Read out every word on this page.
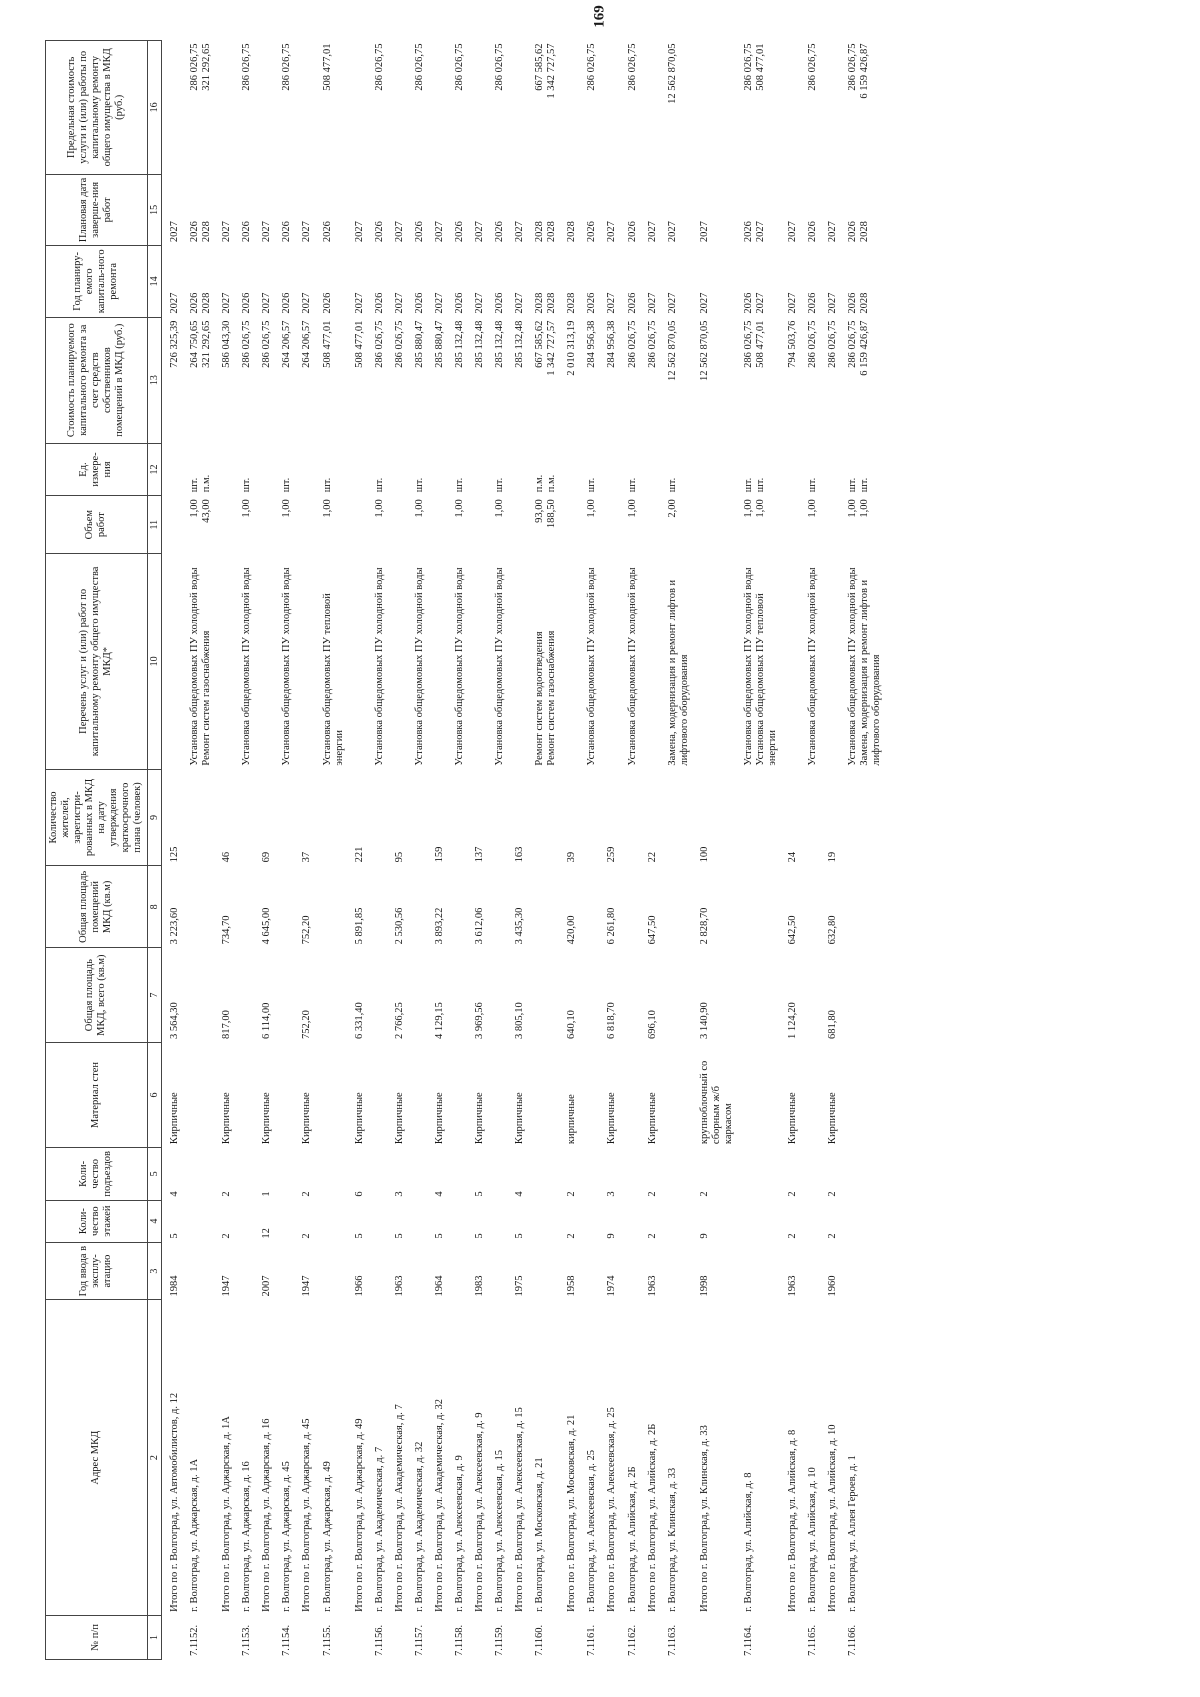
169
№ п/п	Адрес МКД	Год ввода в эксплу-атацию	Коли-чество этажей	Коли-чество подъездов	Материал стен	Общая площадь МКД, всего (кв.м)	Общая площадь помещений МКД (кв.м)	Количество жителей, зарегистри-рованных в МКД на дату утверждения краткосрочного плана (человек)	Перечень услуг и (или) работ по капитальному ремонту общего имущества МКД*	Объем работ	Ед. измере-ния	Стоимость планируемого капитального ремонта за счет средств собственников помещений в МКД (руб.)	Год планиру-емого капиталь-ного ремонта	Плановая дата заверше-ния работ	Предельная стоимость услуги и (или) работы по капитальному ремонту общего имущества в МКД (руб.)
1	2	3	4	5	6	7	8	9	10	11	12	13	14	15	16
	Итого по г. Волгоград, ул. Автомобилистов, д. 12	1984	5	4	Кирпичные	3 564,30	3 223,60	125				726 325,39	2027	2027	

7.1152.	г. Волгоград, ул. Аджарская, д. 1А								Установка общедомовых ПУ холодной воды Ремонт систем газоснабжения	1,00 43,00	шт. п.м.	264 750,65 321 292,65	2026 2028	2026 2028	286 026,75 321 292,65

	Итого по г. Волгоград, ул. Аджарская, д. 1А	1947	2	2	Кирпичные	817,00	734,70	46				586 043,30	2027	2027	

7.1153.	г. Волгоград, ул. Аджарская, д. 16								Установка общедомовых ПУ холодной воды	1,00	шт.	286 026,75	2026	2026	286 026,75

	Итого по г. Волгоград, ул. Аджарская, д. 16	2007	12	1	Кирпичные	6 114,00	4 645,00	69				286 026,75	2027	2027	

7.1154.	г. Волгоград, ул. Аджарская, д. 45								Установка общедомовых ПУ холодной воды	1,00	шт.	264 206,57	2026	2026	286 026,75

	Итого по г. Волгоград, ул. Аджарская, д. 45	1947	2	2	Кирпичные	752,20	752,20	37				264 206,57	2027	2027	

7.1155.	г. Волгоград, ул. Аджарская, д. 49								Установка общедомовых ПУ тепловой энергии	1,00	шт.	508 477,01	2026	2026	508 477,01

	Итого по г. Волгоград, ул. Аджарская, д. 49	1966	5	6	Кирпичные	6 331,40	5 891,85	221				508 477,01	2027	2027	

7.1156.	г. Волгоград, ул. Академическая, д. 7								Установка общедомовых ПУ холодной воды	1,00	шт.	286 026,75	2026	2026	286 026,75

	Итого по г. Волгоград, ул. Академическая, д. 7	1963	5	3	Кирпичные	2 766,25	2 530,56	95				286 026,75	2027	2027	

7.1157.	г. Волгоград, ул. Академическая, д. 32								Установка общедомовых ПУ холодной воды	1,00	шт.	285 880,47	2026	2026	286 026,75

	Итого по г. Волгоград, ул. Академическая, д. 32	1964	5	4	Кирпичные	4 129,15	3 893,22	159				285 880,47	2027	2027	

7.1158.	г. Волгоград, ул. Алексеевская, д. 9								Установка общедомовых ПУ холодной воды	1,00	шт.	285 132,48	2026	2026	286 026,75

	Итого по г. Волгоград, ул. Алексеевская, д. 9	1983	5	5	Кирпичные	3 969,56	3 612,06	137				285 132,48	2027	2027	

7.1159.	г. Волгоград, ул. Алексеевская, д. 15								Установка общедомовых ПУ холодной воды	1,00	шт.	285 132,48	2026	2026	286 026,75

	Итого по г. Волгоград, ул. Алексеевская, д. 15	1975	5	4	Кирпичные	3 805,10	3 435,30	163				285 132,48	2027	2027	

7.1160.	г. Волгоград, ул. Московская, д. 21								Ремонт систем водоотведения Ремонт систем газоснабжения	93,00 188,50	п.м. п.м.	667 585,62 1 342 727,57	2028 2028	2028 2028	667 585,62 1 342 727,57

	Итого по г. Волгоград, ул. Московская, д. 21	1958	2	2	кирпичные	640,10	420,00	39				2 010 313,19	2028	2028	

7.1161.	г. Волгоград, ул. Алексеевская, д. 25								Установка общедомовых ПУ холодной воды	1,00	шт.	284 956,38	2026	2026	286 026,75

	Итого по г. Волгоград, ул. Алексеевская, д. 25	1974	9	3	Кирпичные	6 818,70	6 261,80	259				284 956,38	2027	2027	

7.1162.	г. Волгоград, ул. Алийская, д. 2Б								Установка общедомовых ПУ холодной воды	1,00	шт.	286 026,75	2026	2026	286 026,75

	Итого по г. Волгоград, ул. Алийская, д. 2Б	1963	2	2	Кирпичные	696,10	647,50	22				286 026,75	2027	2027	

7.1163.	г. Волгоград, ул. Клинская, д. 33								Замена, модернизация и ремонт лифтов и лифтового оборудования	2,00	шт.	12 562 870,05	2027	2027	12 562 870,05

	Итого по г. Волгоград, ул. Клинская, д. 33	1998	9	2	крупноблочный со сборным ж/б каркасом	3 140,90	2 828,70	100				12 562 870,05	2027	2027	

7.1164.	г. Волгоград, ул. Алийская, д. 8								Установка общедомовых ПУ холодной воды Установка общедомовых ПУ тепловой энергии	1,00 1,00	шт. шт.	286 026,75 508 477,01	2026 2027	2026 2027	286 026,75 508 477,01

	Итого по г. Волгоград, ул. Алийская, д. 8	1963	2	2	Кирпичные	1 124,20	642,50	24				794 503,76	2027	2027	

7.1165.	г. Волгоград, ул. Алийская, д. 10								Установка общедомовых ПУ холодной воды	1,00	шт.	286 026,75	2026	2026	286 026,75

	Итого по г. Волгоград, ул. Алийская, д. 10	1960	2	2	Кирпичные	681,80	632,80	19				286 026,75	2027	2027	

7.1166.	г. Волгоград, ул. Аллея Героев, д. 1								Установка общедомовых ПУ холодной воды Замена, модернизация и ремонт лифтов и лифтового оборудования	1,00 1,00	шт. шт.	286 026,75 6 159 426,87	2026 2028	2026 2028	286 026,75 6 159 426,87
